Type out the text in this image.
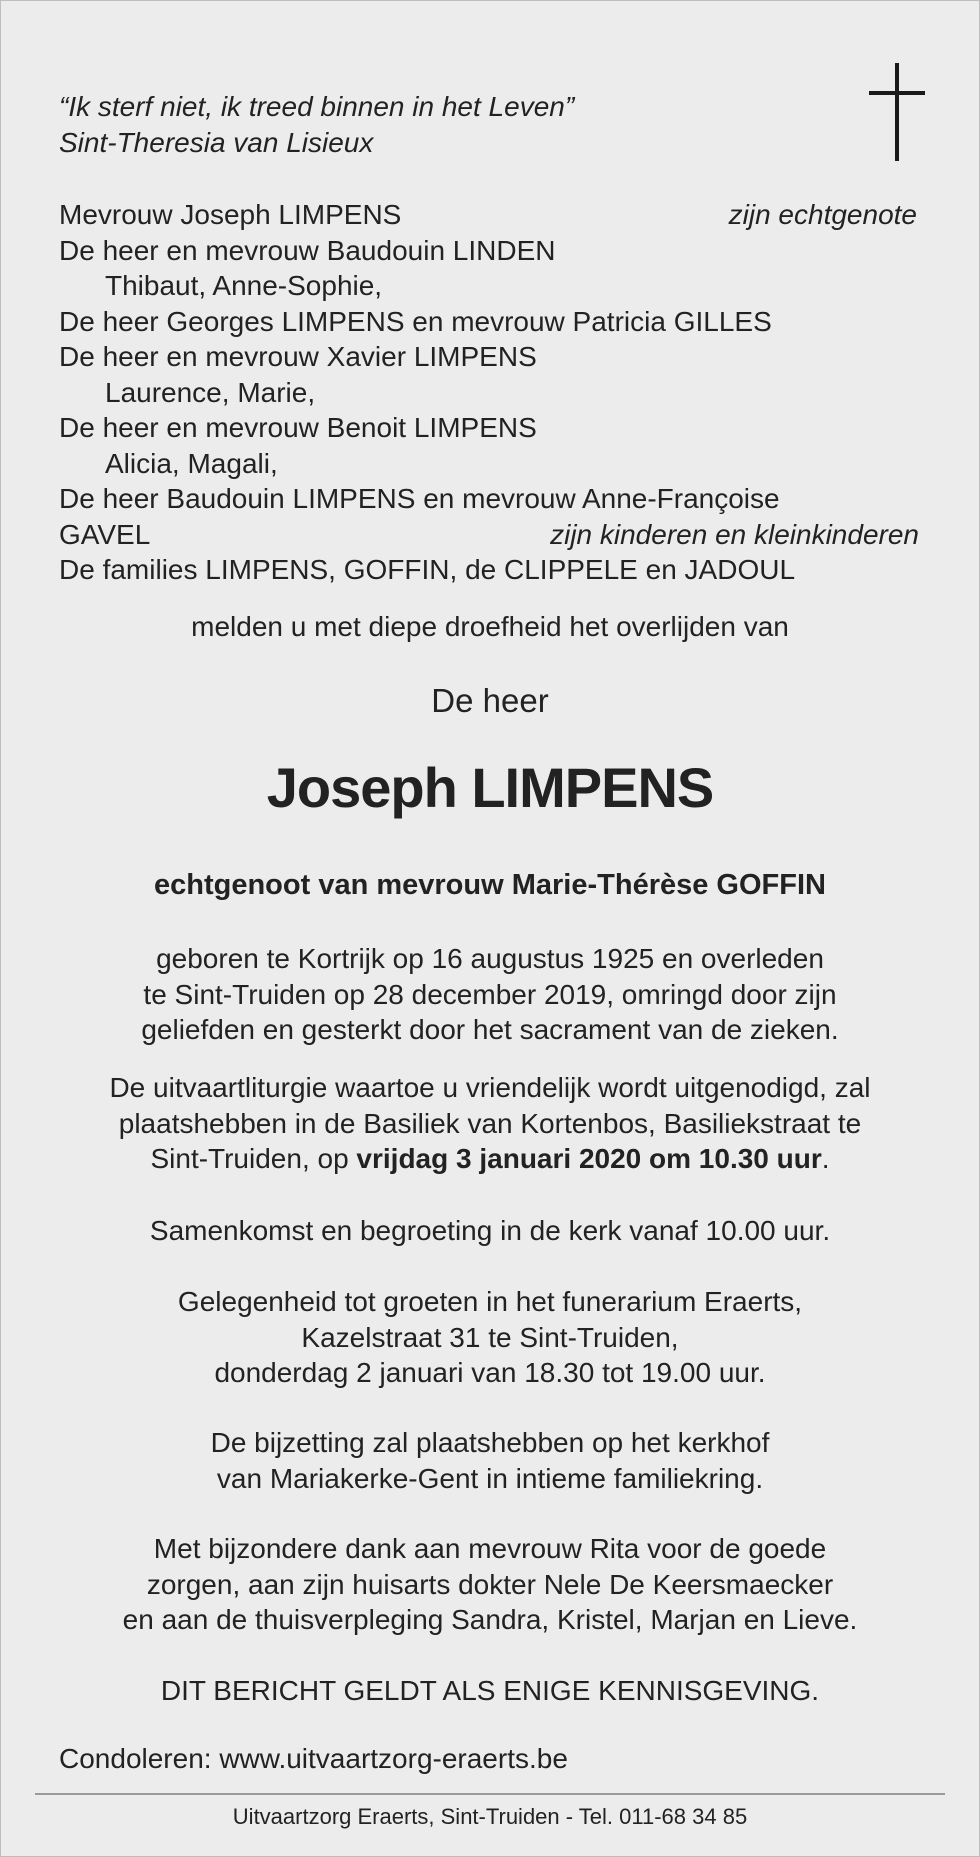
“Ik sterf niet, ik treed binnen in het Leven”
Sint-Theresia van Lisieux
Mevrouw Joseph LIMPENS	zijn echtgenote
De heer en mevrouw Baudouin LINDEN
Thibaut, Anne-Sophie,
De heer Georges LIMPENS en mevrouw Patricia GILLES
De heer en mevrouw Xavier LIMPENS
Laurence, Marie,
De heer en mevrouw Benoit LIMPENS
Alicia, Magali,
De heer Baudouin LIMPENS en mevrouw Anne-Françoise
GAVEL	zijn kinderen en kleinkinderen
De families LIMPENS, GOFFIN, de CLIPPELE en JADOUL
melden u met diepe droefheid het overlijden van
De heer
Joseph LIMPENS
echtgenoot van mevrouw Marie-Thérèse GOFFIN
geboren te Kortrijk op 16 augustus 1925 en overleden
te Sint-Truiden op 28 december 2019, omringd door zijn
geliefden en gesterkt door het sacrament van de zieken.
De uitvaartliturgie waartoe u vriendelijk wordt uitgenodigd, zal
plaatshebben in de Basiliek van Kortenbos, Basiliekstraat te
Sint-Truiden, op vrijdag 3 januari 2020 om 10.30 uur.
Samenkomst en begroeting in de kerk vanaf 10.00 uur.
Gelegenheid tot groeten in het funerarium Eraerts,
Kazelstraat 31 te Sint-Truiden,
donderdag 2 januari van 18.30 tot 19.00 uur.
De bijzetting zal plaatshebben op het kerkhof
van Mariakerke-Gent in intieme familiekring.
Met bijzondere dank aan mevrouw Rita voor de goede
zorgen, aan zijn huisarts dokter Nele De Keersmaecker
en aan de thuisverpleging Sandra, Kristel, Marjan en Lieve.
DIT BERICHT GELDT ALS ENIGE KENNISGEVING.
Condoleren: www.uitvaartzorg-eraerts.be
Uitvaartzorg Eraerts, Sint-Truiden - Tel. 011-68 34 85
